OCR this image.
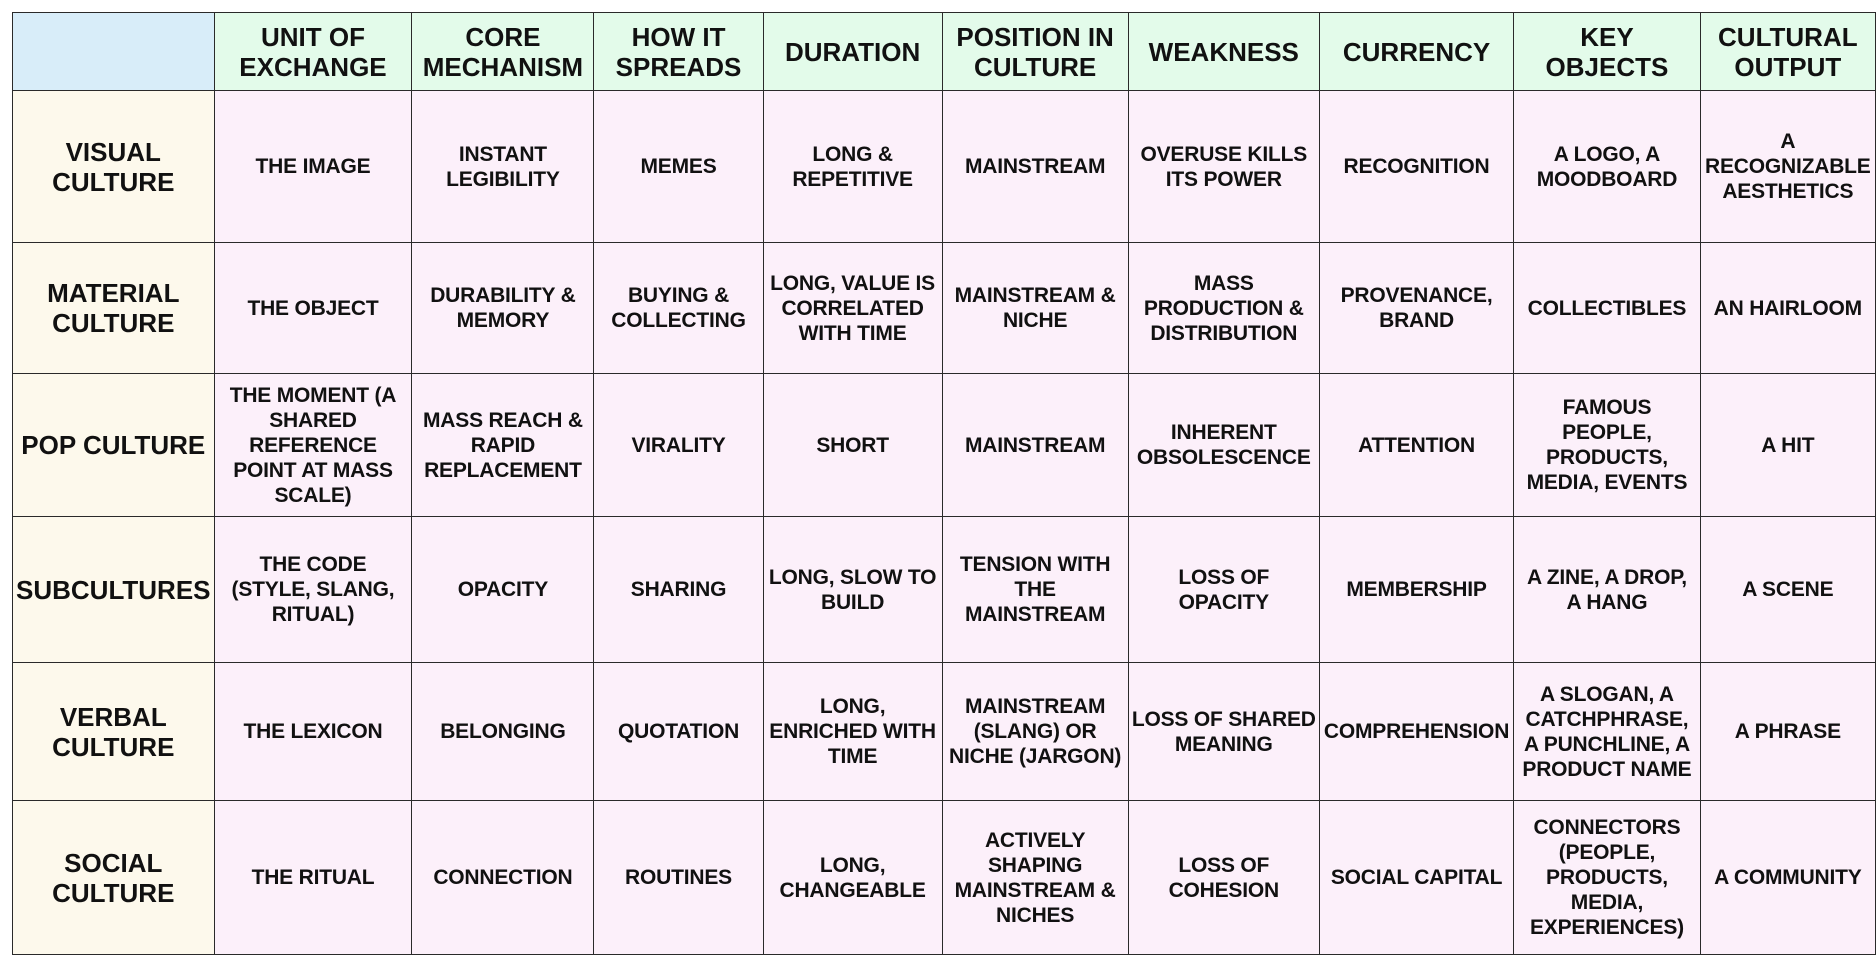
	UNIT OF EXCHANGE	CORE MECHANISM	HOW IT SPREADS	DURATION	POSITION IN CULTURE	WEAKNESS	CURRENCY	KEY OBJECTS	CULTURAL OUTPUT
VISUAL CULTURE	THE IMAGE	INSTANT LEGIBILITY	MEMES	LONG & REPETITIVE	MAINSTREAM	OVERUSE KILLS ITS POWER	RECOGNITION	A LOGO, A MOODBOARD	A RECOGNIZABLE AESTHETICS
MATERIAL CULTURE	THE OBJECT	DURABILITY & MEMORY	BUYING & COLLECTING	LONG, VALUE IS CORRELATED WITH TIME	MAINSTREAM & NICHE	MASS PRODUCTION & DISTRIBUTION	PROVENANCE, BRAND	COLLECTIBLES	AN HAIRLOOM
POP CULTURE	THE MOMENT (A SHARED REFERENCE POINT AT MASS SCALE)	MASS REACH & RAPID REPLACEMENT	VIRALITY	SHORT	MAINSTREAM	INHERENT OBSOLESCENCE	ATTENTION	FAMOUS PEOPLE, PRODUCTS, MEDIA, EVENTS	A HIT
SUBCULTURES	THE CODE (STYLE, SLANG, RITUAL)	OPACITY	SHARING	LONG, SLOW TO BUILD	TENSION WITH THE MAINSTREAM	LOSS OF OPACITY	MEMBERSHIP	A ZINE, A DROP, A HANG	A SCENE
VERBAL CULTURE	THE LEXICON	BELONGING	QUOTATION	LONG, ENRICHED WITH TIME	MAINSTREAM (SLANG) OR NICHE (JARGON)	LOSS OF SHARED MEANING	COMPREHENSION	A SLOGAN, A CATCHPHRASE, A PUNCHLINE, A PRODUCT NAME	A PHRASE
SOCIAL CULTURE	THE RITUAL	CONNECTION	ROUTINES	LONG, CHANGEABLE	ACTIVELY SHAPING MAINSTREAM & NICHES	LOSS OF COHESION	SOCIAL CAPITAL	CONNECTORS (PEOPLE, PRODUCTS, MEDIA, EXPERIENCES)	A COMMUNITY
